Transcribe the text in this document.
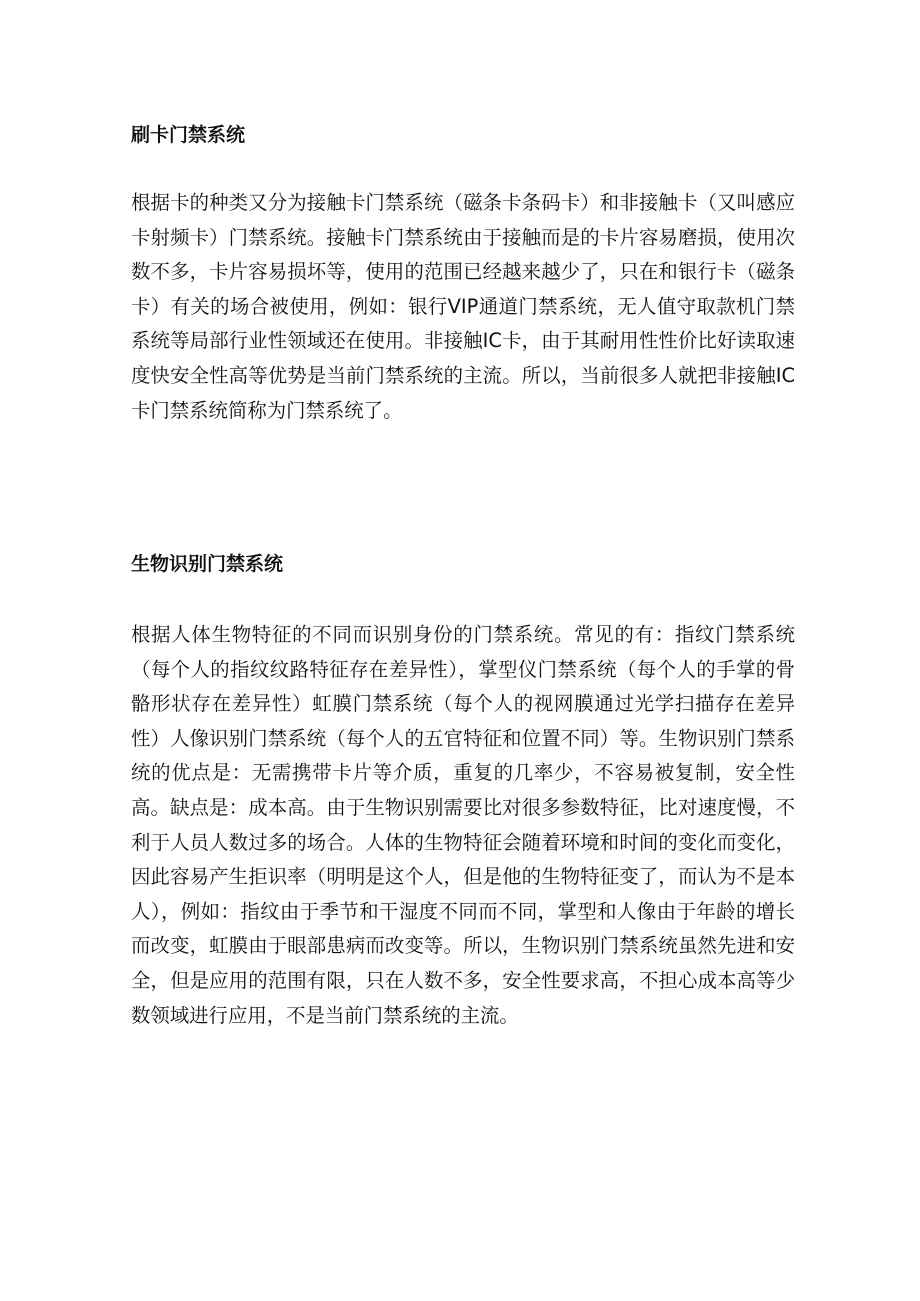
刷卡门禁系统

根据卡的种类又分为接触卡门禁系统（磁条卡条码卡）和非接触卡（又叫感应卡射频卡）门禁系统。接触卡门禁系统由于接触而是的卡片容易磨损，使用次数不多，卡片容易损坏等，使用的范围已经越来越少了，只在和银行卡（磁条卡）有关的场合被使用，例如：银行VIP通道门禁系统，无人值守取款机门禁系统等局部行业性领域还在使用。非接触IC卡，由于其耐用性性价比好读取速度快安全性高等优势是当前门禁系统的主流。所以，当前很多人就把非接触IC卡门禁系统简称为门禁系统了。

生物识别门禁系统

根据人体生物特征的不同而识别身份的门禁系统。常见的有：指纹门禁系统（每个人的指纹纹路特征存在差异性），掌型仪门禁系统（每个人的手掌的骨骼形状存在差异性）虹膜门禁系统（每个人的视网膜通过光学扫描存在差异性）人像识别门禁系统（每个人的五官特征和位置不同）等。生物识别门禁系统的优点是：无需携带卡片等介质，重复的几率少，不容易被复制，安全性高。缺点是：成本高。由于生物识别需要比对很多参数特征，比对速度慢，不利于人员人数过多的场合。人体的生物特征会随着环境和时间的变化而变化，因此容易产生拒识率（明明是这个人，但是他的生物特征变了，而认为不是本人），例如：指纹由于季节和干湿度不同而不同，掌型和人像由于年龄的增长而改变，虹膜由于眼部患病而改变等。所以，生物识别门禁系统虽然先进和安全，但是应用的范围有限，只在人数不多，安全性要求高，不担心成本高等少数领域进行应用，不是当前门禁系统的主流。
